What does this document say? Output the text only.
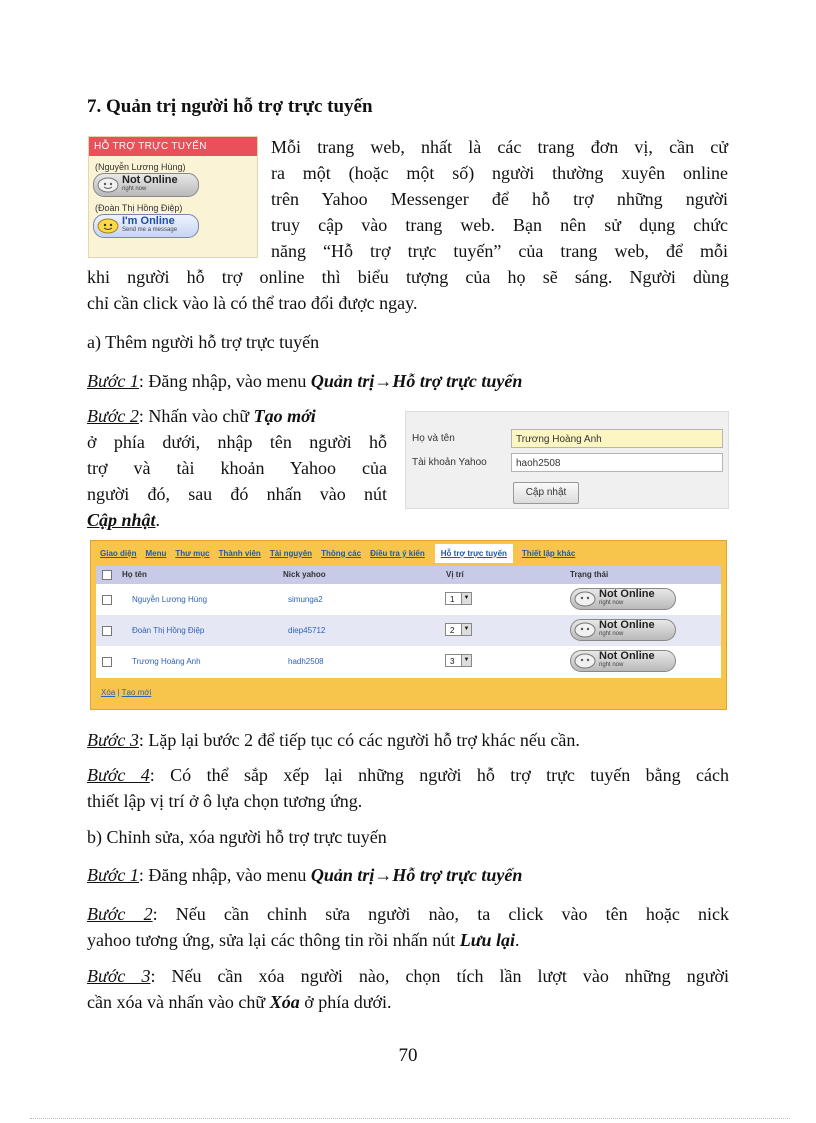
7. Quản trị người hỗ trợ trực tuyến
HỖ TRỢ TRỰC TUYẾN
(Nguyễn Lương Hùng)
Not Online
right now
(Đoàn Thị Hồng Điệp)
I'm Online
Send me a message
Mỗi trang web, nhất là các trang đơn vị, cần cử
ra một (hoặc một số) người thường xuyên online
trên Yahoo Messenger để hỗ trợ những người
truy cập vào trang web. Bạn nên sử dụng chức
năng “Hỗ trợ trực tuyến” của trang web, để mỗi
khi người hỗ trợ online thì biểu tượng của họ sẽ sáng. Người dùng
chỉ cần click vào là có thể trao đổi được ngay.
a) Thêm người hỗ trợ trực tuyến
Bước 1: Đăng nhập, vào menu Quản trị→Hỗ trợ trực tuyến
Bước 2: Nhấn vào chữ Tạo mới
ở phía dưới, nhập tên người hỗ
trợ và tài khoản Yahoo của
người đó, sau đó nhấn vào nút
Cập nhật.
Họ và tên	Trương Hoàng Anh
Tài khoản Yahoo	haoh2508
Cập nhật
Giao diện Menu Thư mục Thành viên Tài nguyên Thông các Điều tra ý kiến	Hỗ trợ trực tuyến	Thiết lập khác
Họ tên	Nick yahoo	Vị trí	Trạng thái
Nguyễn Lương Hùng	simunga2	1	▼	Not Online
right now
Đoàn Thị Hồng Điệp	diep45712	2	▼	Not Online
right now
Trương Hoàng Anh	hadh2508	3	▼	Not Online
right now
Xóa | Tạo mới
Bước 3: Lặp lại bước 2 để tiếp tục có các người hỗ trợ khác nếu cần.
Bước 4: Có thể sắp xếp lại những người hỗ trợ trực tuyến bằng cách
thiết lập vị trí ở ô lựa chọn tương ứng.
b) Chỉnh sửa, xóa người hỗ trợ trực tuyến
Bước 1: Đăng nhập, vào menu Quản trị→Hỗ trợ trực tuyến
Bước 2: Nếu cần chỉnh sửa người nào, ta click vào tên hoặc nick
yahoo tương ứng, sửa lại các thông tin rồi nhấn nút Lưu lại.
Bước 3: Nếu cần xóa người nào, chọn tích lần lượt vào những người
cần xóa và nhấn vào chữ Xóa ở phía dưới.
70
